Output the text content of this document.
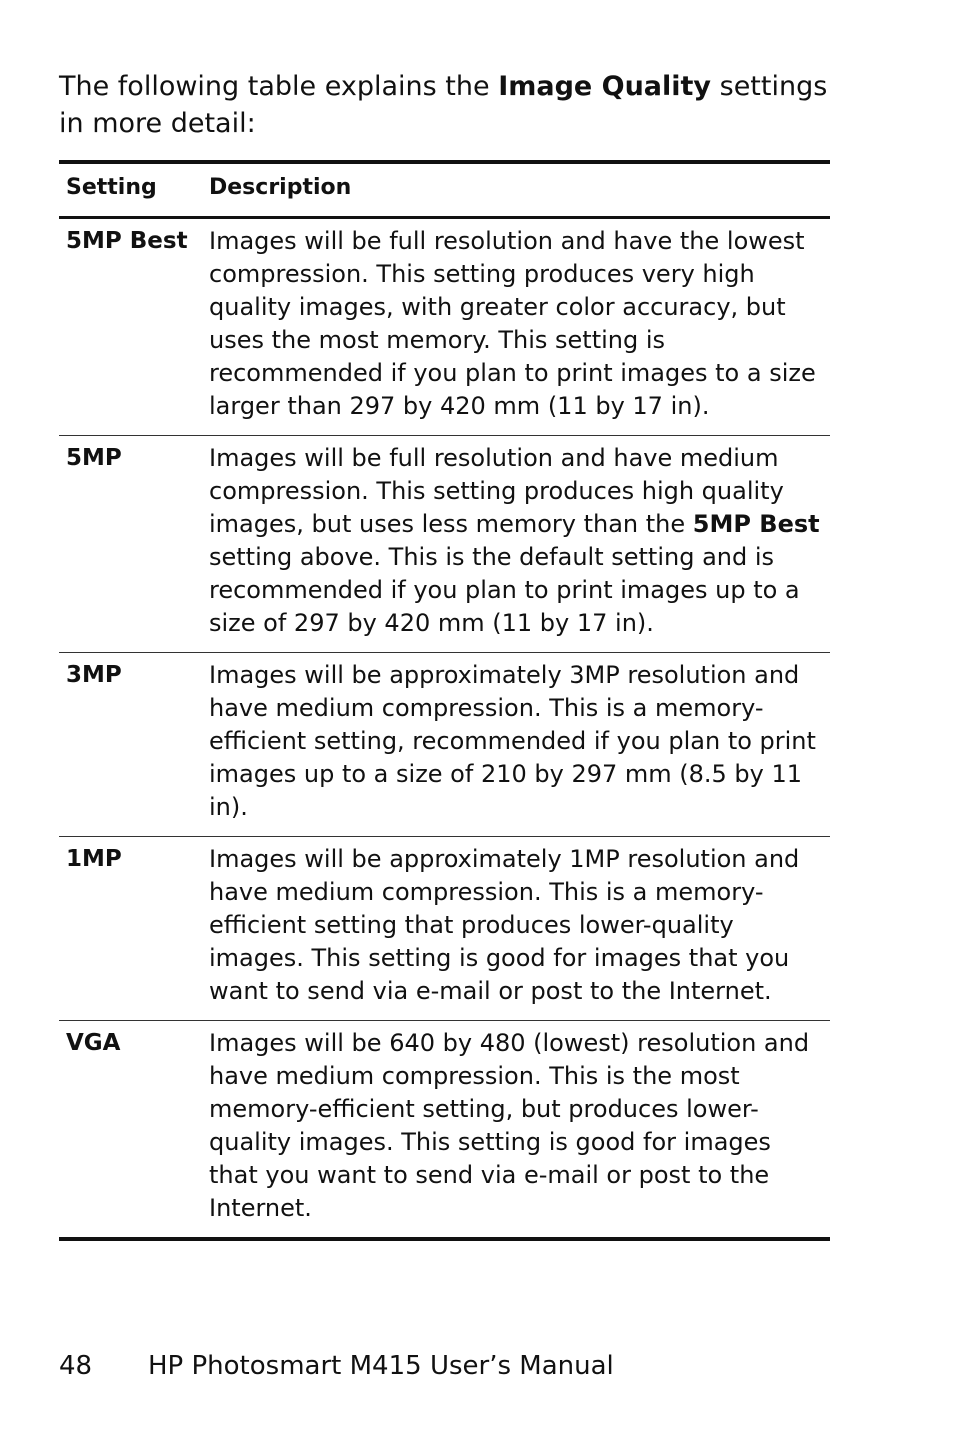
The following table explains the Image Quality settings in more detail:

Setting	Description
5MP Best	Images will be full resolution and have the lowest compression. This setting produces very high quality images, with greater color accuracy, but uses the most memory. This setting is recommended if you plan to print images to a size larger than 297 by 420 mm (11 by 17 in).
5MP	Images will be full resolution and have medium compression. This setting produces high quality images, but uses less memory than the 5MP Best setting above. This is the default setting and is recommended if you plan to print images up to a size of 297 by 420 mm (11 by 17 in).
3MP	Images will be approximately 3MP resolution and have medium compression. This is a memory-efficient setting, recommended if you plan to print images up to a size of 210 by 297 mm (8.5 by 11 in).
1MP	Images will be approximately 1MP resolution and have medium compression. This is a memory-efficient setting that produces lower-quality images. This setting is good for images that you want to send via e-mail or post to the Internet.
VGA	Images will be 640 by 480 (lowest) resolution and have medium compression. This is the most memory-efficient setting, but produces lower-quality images. This setting is good for images that you want to send via e-mail or post to the Internet.
48 HP Photosmart M415 User’s Manual
